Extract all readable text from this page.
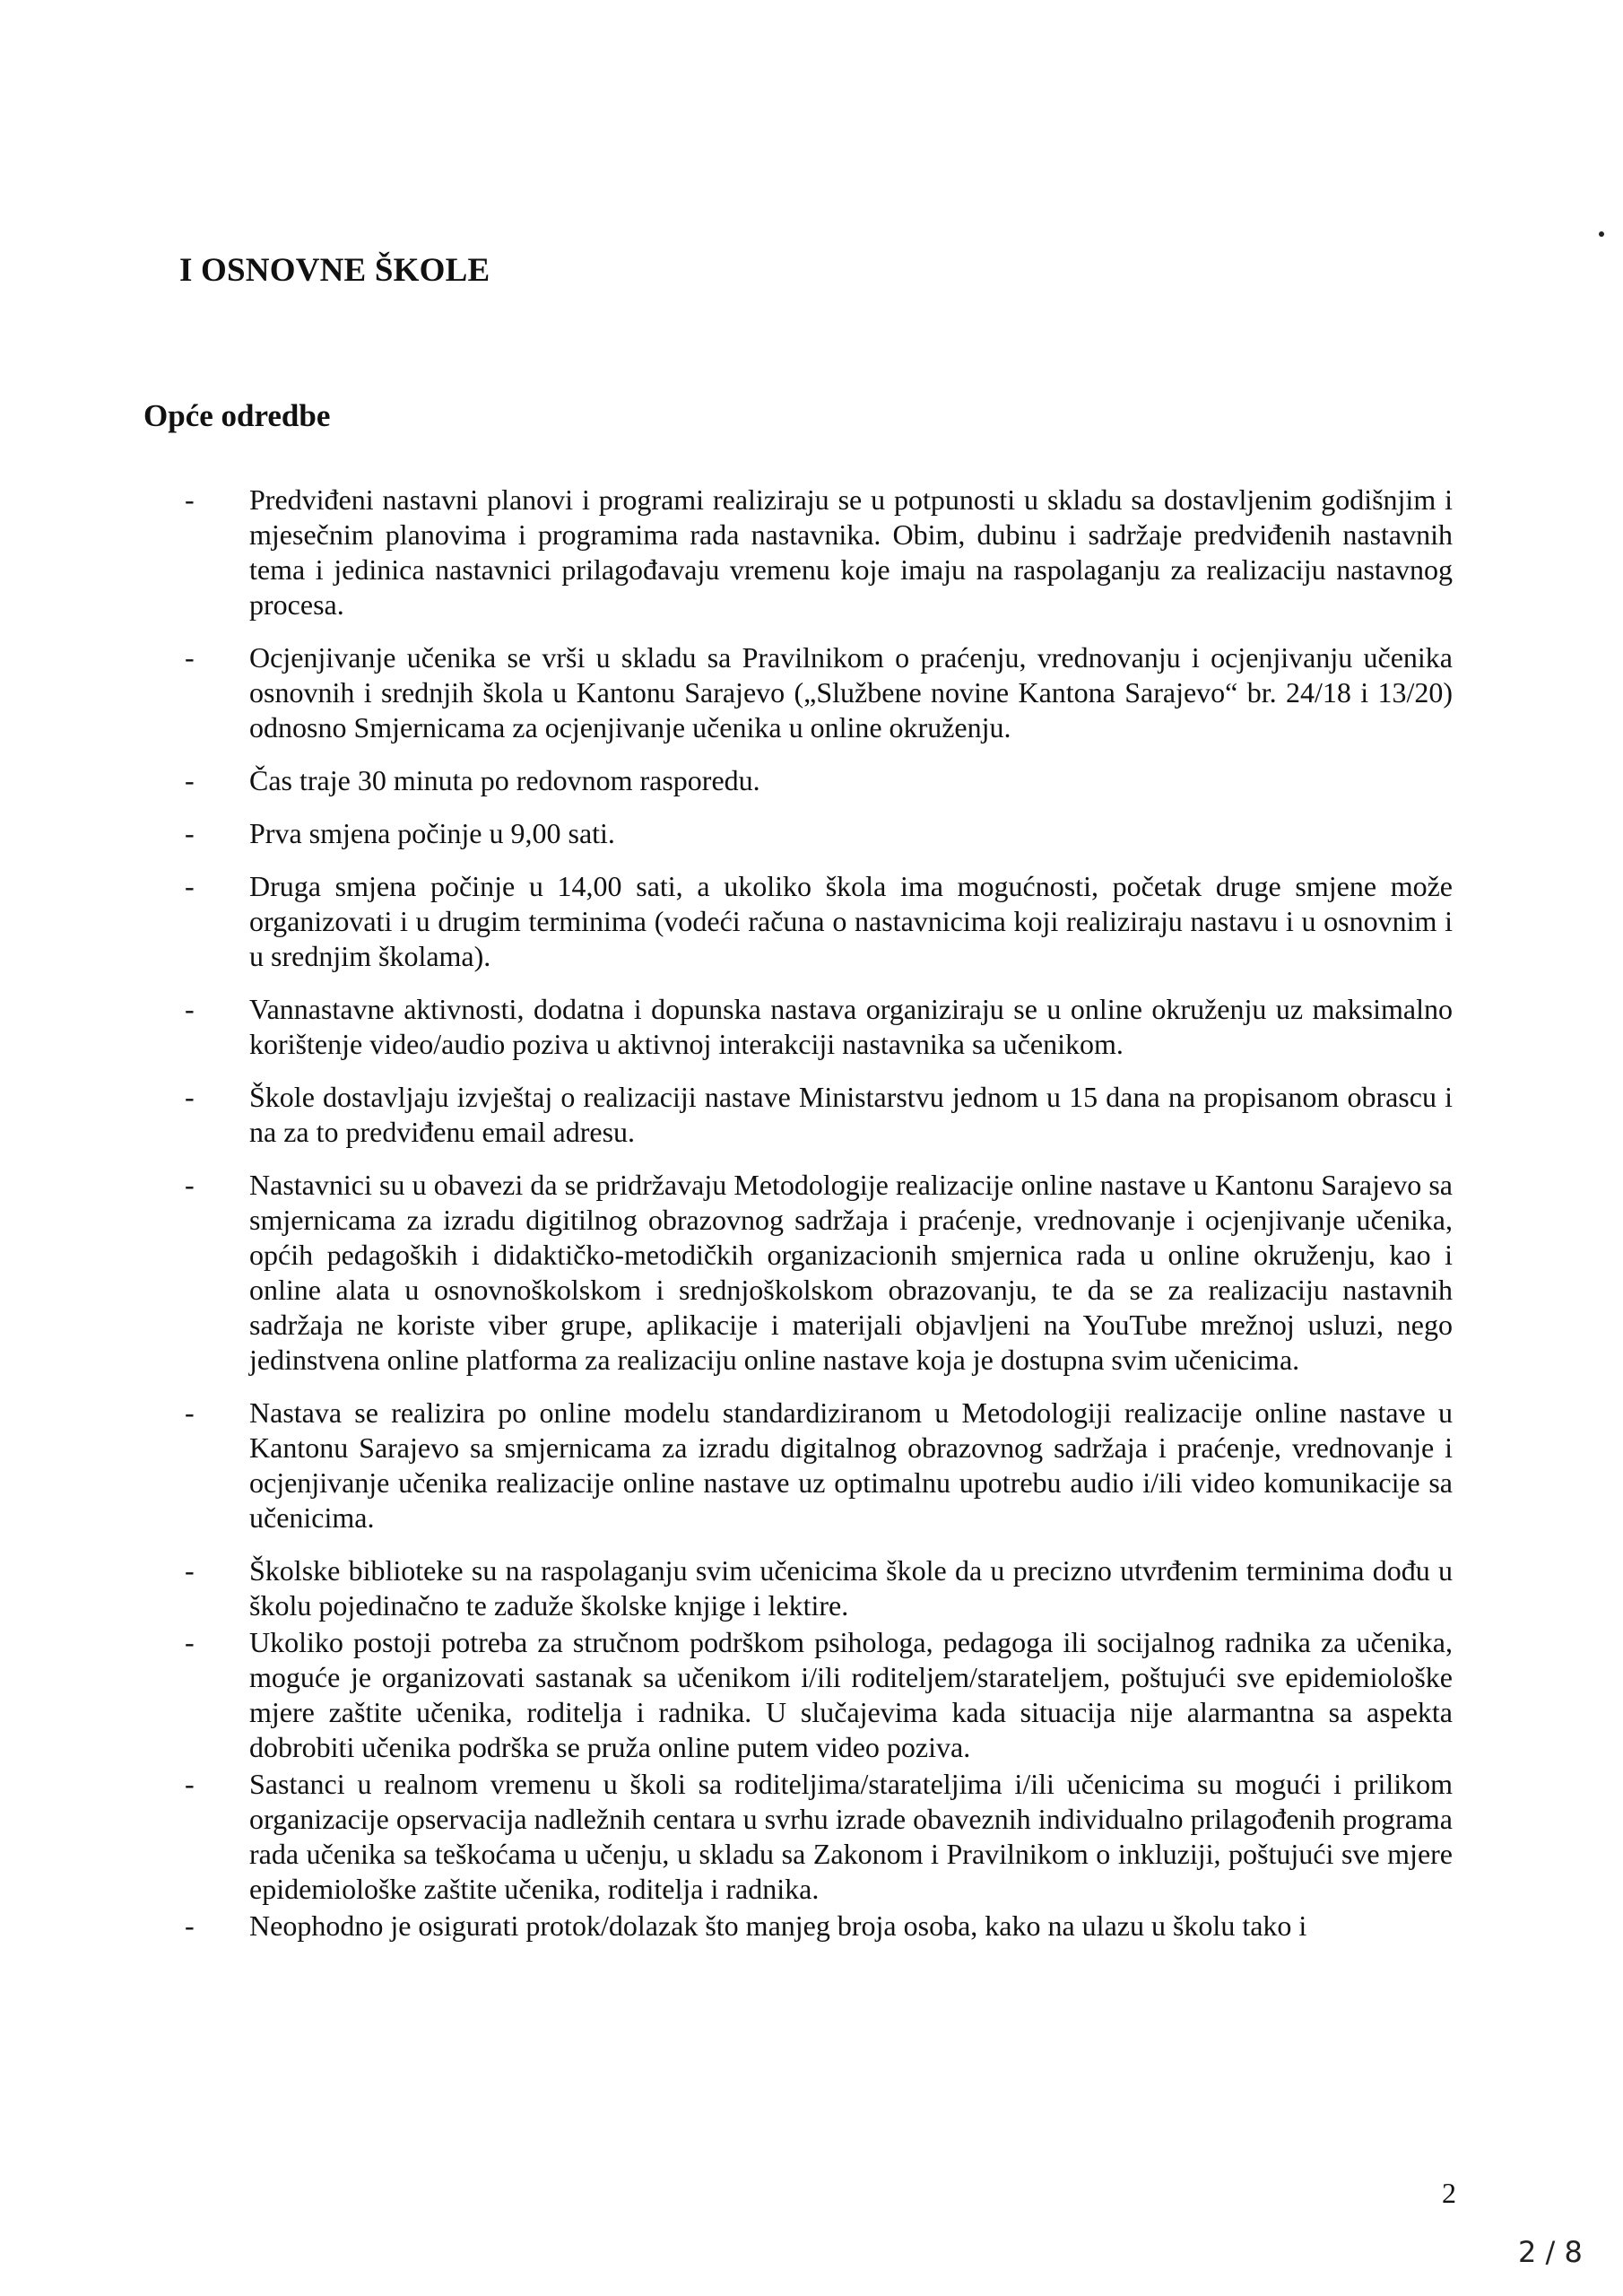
I OSNOVNE ŠKOLE
Opće odredbe
- Predviđeni nastavni planovi i programi realiziraju se u potpunosti u skladu sa dostavljenim godišnjim i mjesečnim planovima i programima rada nastavnika. Obim, dubinu i sadržaje predviđenih nastavnih tema i jedinica nastavnici prilagođavaju vremenu koje imaju na raspolaganju za realizaciju nastavnog procesa.
- Ocjenjivanje učenika se vrši u skladu sa Pravilnikom o praćenju, vrednovanju i ocjenjivanju učenika osnovnih i srednjih škola u Kantonu Sarajevo („Službene novine Kantona Sarajevo“ br. 24/18 i 13/20) odnosno Smjernicama za ocjenjivanje učenika u online okruženju.
- Čas traje 30 minuta po redovnom rasporedu.
- Prva smjena počinje u 9,00 sati.
- Druga smjena počinje u 14,00 sati, a ukoliko škola ima mogućnosti, početak druge smjene može organizovati i u drugim terminima (vodeći računa o nastavnicima koji realiziraju nastavu i u osnovnim i u srednjim školama).
- Vannastavne aktivnosti, dodatna i dopunska nastava organiziraju se u online okruženju uz maksimalno korištenje video/audio poziva u aktivnoj interakciji nastavnika sa učenikom.
- Škole dostavljaju izvještaj o realizaciji nastave Ministarstvu jednom u 15 dana na propisanom obrascu i na za to predviđenu email adresu.
- Nastavnici su u obavezi da se pridržavaju Metodologije realizacije online nastave u Kantonu Sarajevo sa smjernicama za izradu digitilnog obrazovnog sadržaja i praćenje, vrednovanje i ocjenjivanje učenika, općih pedagoških i didaktičko-metodičkih organizacionih smjernica rada u online okruženju, kao i online alata u osnovnoškolskom i srednjoškolskom obrazovanju, te da se za realizaciju nastavnih sadržaja ne koriste viber grupe, aplikacije i materijali objavljeni na YouTube mrežnoj usluzi, nego jedinstvena online platforma za realizaciju online nastave koja je dostupna svim učenicima.
- Nastava se realizira po online modelu standardiziranom u Metodologiji realizacije online nastave u Kantonu Sarajevo sa smjernicama za izradu digitalnog obrazovnog sadržaja i praćenje, vrednovanje i ocjenjivanje učenika realizacije online nastave uz optimalnu upotrebu audio i/ili video komunikacije sa učenicima.
- Školske biblioteke su na raspolaganju svim učenicima škole da u precizno utvrđenim terminima dođu u školu pojedinačno te zaduže školske knjige i lektire.
- Ukoliko postoji potreba za stručnom podrškom psihologa, pedagoga ili socijalnog radnika za učenika, moguće je organizovati sastanak sa učenikom i/ili roditeljem/starateljem, poštujući sve epidemiološke mjere zaštite učenika, roditelja i radnika. U slučajevima kada situacija nije alarmantna sa aspekta dobrobiti učenika podrška se pruža online putem video poziva.
- Sastanci u realnom vremenu u školi sa roditeljima/starateljima i/ili učenicima su mogući i prilikom organizacije opservacija nadležnih centara u svrhu izrade obaveznih individualno prilagođenih programa rada učenika sa teškoćama u učenju, u skladu sa Zakonom i Pravilnikom o inkluziji, poštujući sve mjere epidemiološke zaštite učenika, roditelja i radnika.
- Neophodno je osigurati protok/dolazak što manjeg broja osoba, kako na ulazu u školu tako i
2
2 / 8
